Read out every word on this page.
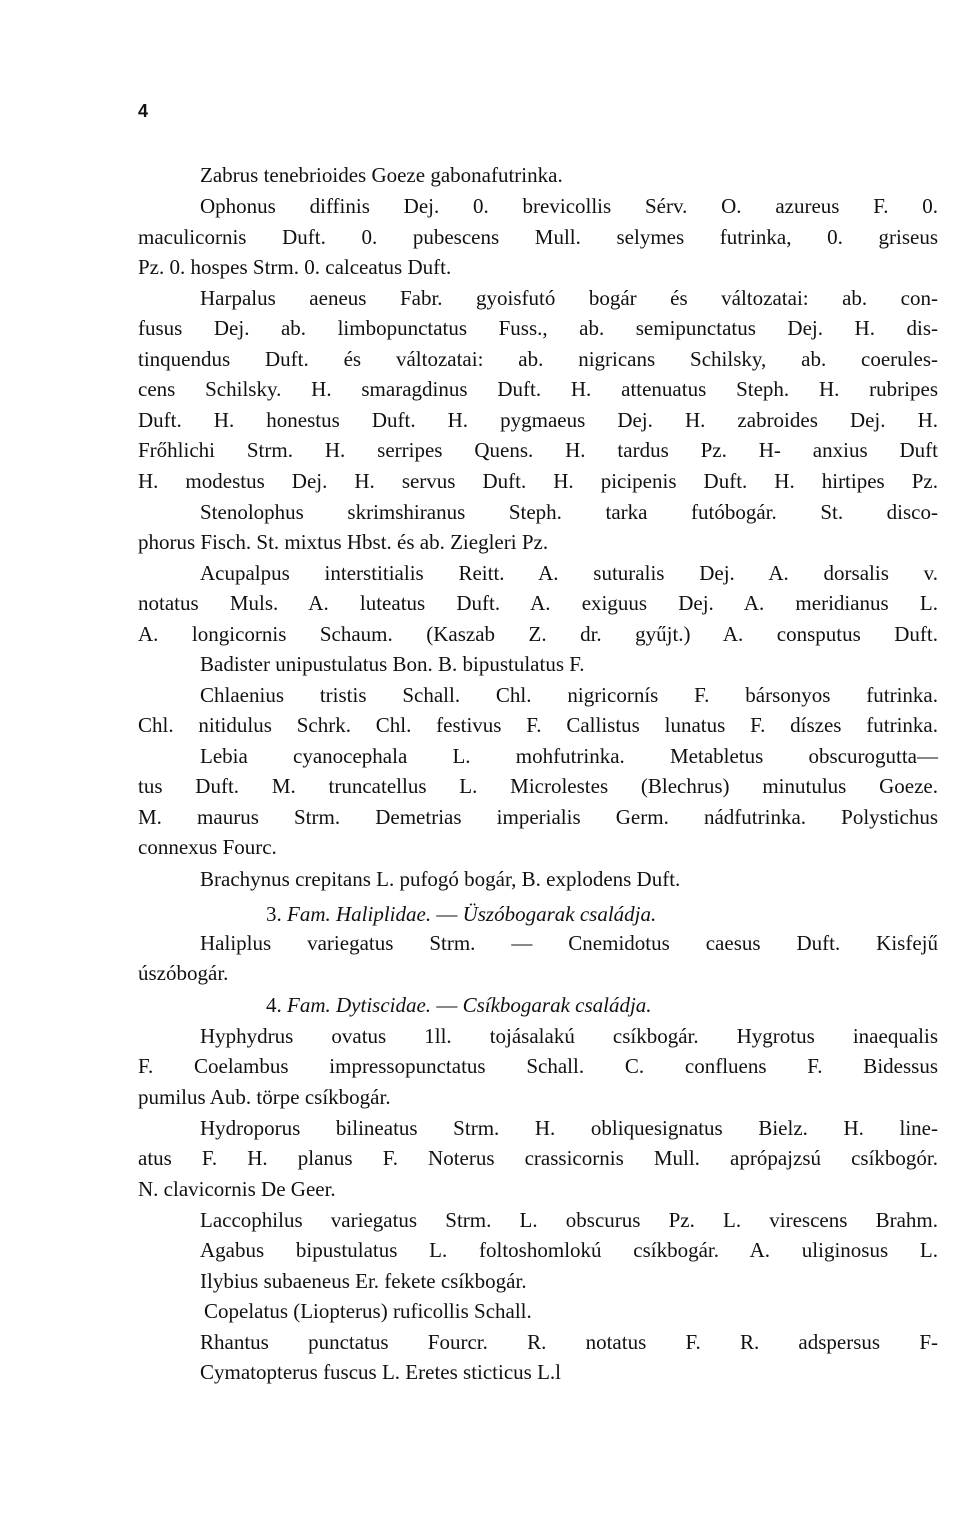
4
Zabrus tenebrioides Goeze gabonafutrinka.
Ophonus diffinis Dej. 0. brevicollis Sérv. O. azureus F. 0.
maculicornis Duft. 0. pubescens Mull. selymes futrinka, 0. griseus
Pz. 0. hospes Strm. 0. calceatus Duft.
Harpalus aeneus Fabr. gyoisfutó bogár és változatai: ab. con-
fusus Dej. ab. limbopunctatus Fuss., ab. semipunctatus Dej. H. dis-
tinquendus Duft. és változatai: ab. nigricans Schilsky, ab. coerules-
cens Schilsky. H. smaragdinus Duft. H. attenuatus Steph. H. rubripes
Duft. H. honestus Duft. H. pygmaeus Dej. H. zabroides Dej. H.
Frőhlichi Strm. H. serripes Quens. H. tardus Pz. H- anxius Duft
H. modestus Dej. H. servus Duft. H. picipenis Duft. H. hirtipes Pz.
Stenolophus skrimshiranus Steph. tarka futóbogár. St. disco-
phorus Fisch. St. mixtus Hbst. és ab. Ziegleri Pz.
Acupalpus interstitialis Reitt. A. suturalis Dej. A. dorsalis v.
notatus Muls. A. luteatus Duft. A. exiguus Dej. A. meridianus L.
A. longicornis Schaum. (Kaszab Z. dr. gyűjt.) A. consputus Duft.
Badister unipustulatus Bon. B. bipustulatus F.
Chlaenius tristis Schall. Chl. nigricornís F. bársonyos futrinka.
Chl. nitidulus Schrk. Chl. festivus F. Callistus lunatus F. díszes futrinka.
Lebia cyanocephala L. mohfutrinka. Metabletus obscurogutta—
tus Duft. M. truncatellus L. Microlestes (Blechrus) minutulus Goeze.
M. maurus Strm. Demetrias imperialis Germ. nádfutrinka. Polystichus
connexus Fourc.
Brachynus crepitans L. pufogó bogár, B. explodens Duft.
3. Fam. Haliplidae. — Üszóbogarak családja.
Haliplus variegatus Strm. — Cnemidotus caesus Duft. Kisfejű
úszóbogár.
4. Fam. Dytiscidae. — Csíkbogarak családja.
Hyphydrus ovatus 1ll. tojásalakú csíkbogár. Hygrotus inaequalis
F. Coelambus impressopunctatus Schall. C. confluens F. Bidessus
pumilus Aub. törpe csíkbogár.
Hydroporus bilineatus Strm. H. obliquesignatus Bielz. H. line-
atus F. H. planus F. Noterus crassicornis Mull. aprópajzsú csíkbogór.
N. clavicornis De Geer.
Laccophilus variegatus Strm. L. obscurus Pz. L. virescens Brahm.
Agabus bipustulatus L. foltoshomlokú csíkbogár. A. uliginosus L.
Ilybius subaeneus Er. fekete csíkbogár.
Copelatus (Liopterus) ruficollis Schall.
Rhantus punctatus Fourcr. R. notatus F. R. adspersus F-
Cymatopterus fuscus L. Eretes sticticus L.l
